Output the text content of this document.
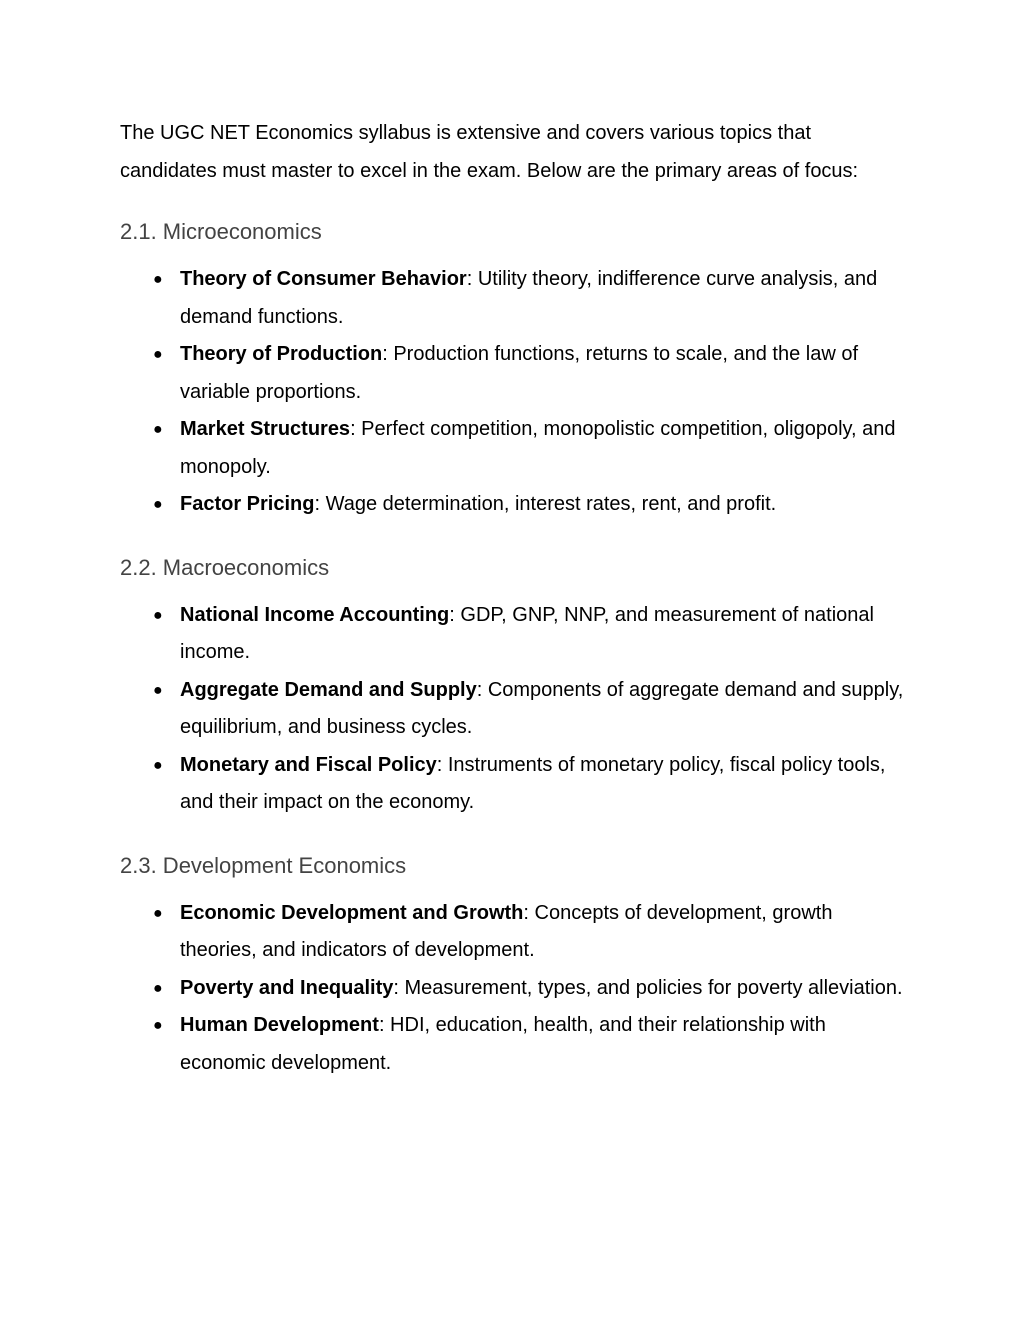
The UGC NET Economics syllabus is extensive and covers various topics that candidates must master to excel in the exam. Below are the primary areas of focus:

2.1. Microeconomics
● Theory of Consumer Behavior: Utility theory, indifference curve analysis, and demand functions.
● Theory of Production: Production functions, returns to scale, and the law of variable proportions.
● Market Structures: Perfect competition, monopolistic competition, oligopoly, and monopoly.
● Factor Pricing: Wage determination, interest rates, rent, and profit.
2.2. Macroeconomics
● National Income Accounting: GDP, GNP, NNP, and measurement of national income.
● Aggregate Demand and Supply: Components of aggregate demand and supply, equilibrium, and business cycles.
● Monetary and Fiscal Policy: Instruments of monetary policy, fiscal policy tools, and their impact on the economy.
2.3. Development Economics
● Economic Development and Growth: Concepts of development, growth theories, and indicators of development.
● Poverty and Inequality: Measurement, types, and policies for poverty alleviation.
● Human Development: HDI, education, health, and their relationship with economic development.
